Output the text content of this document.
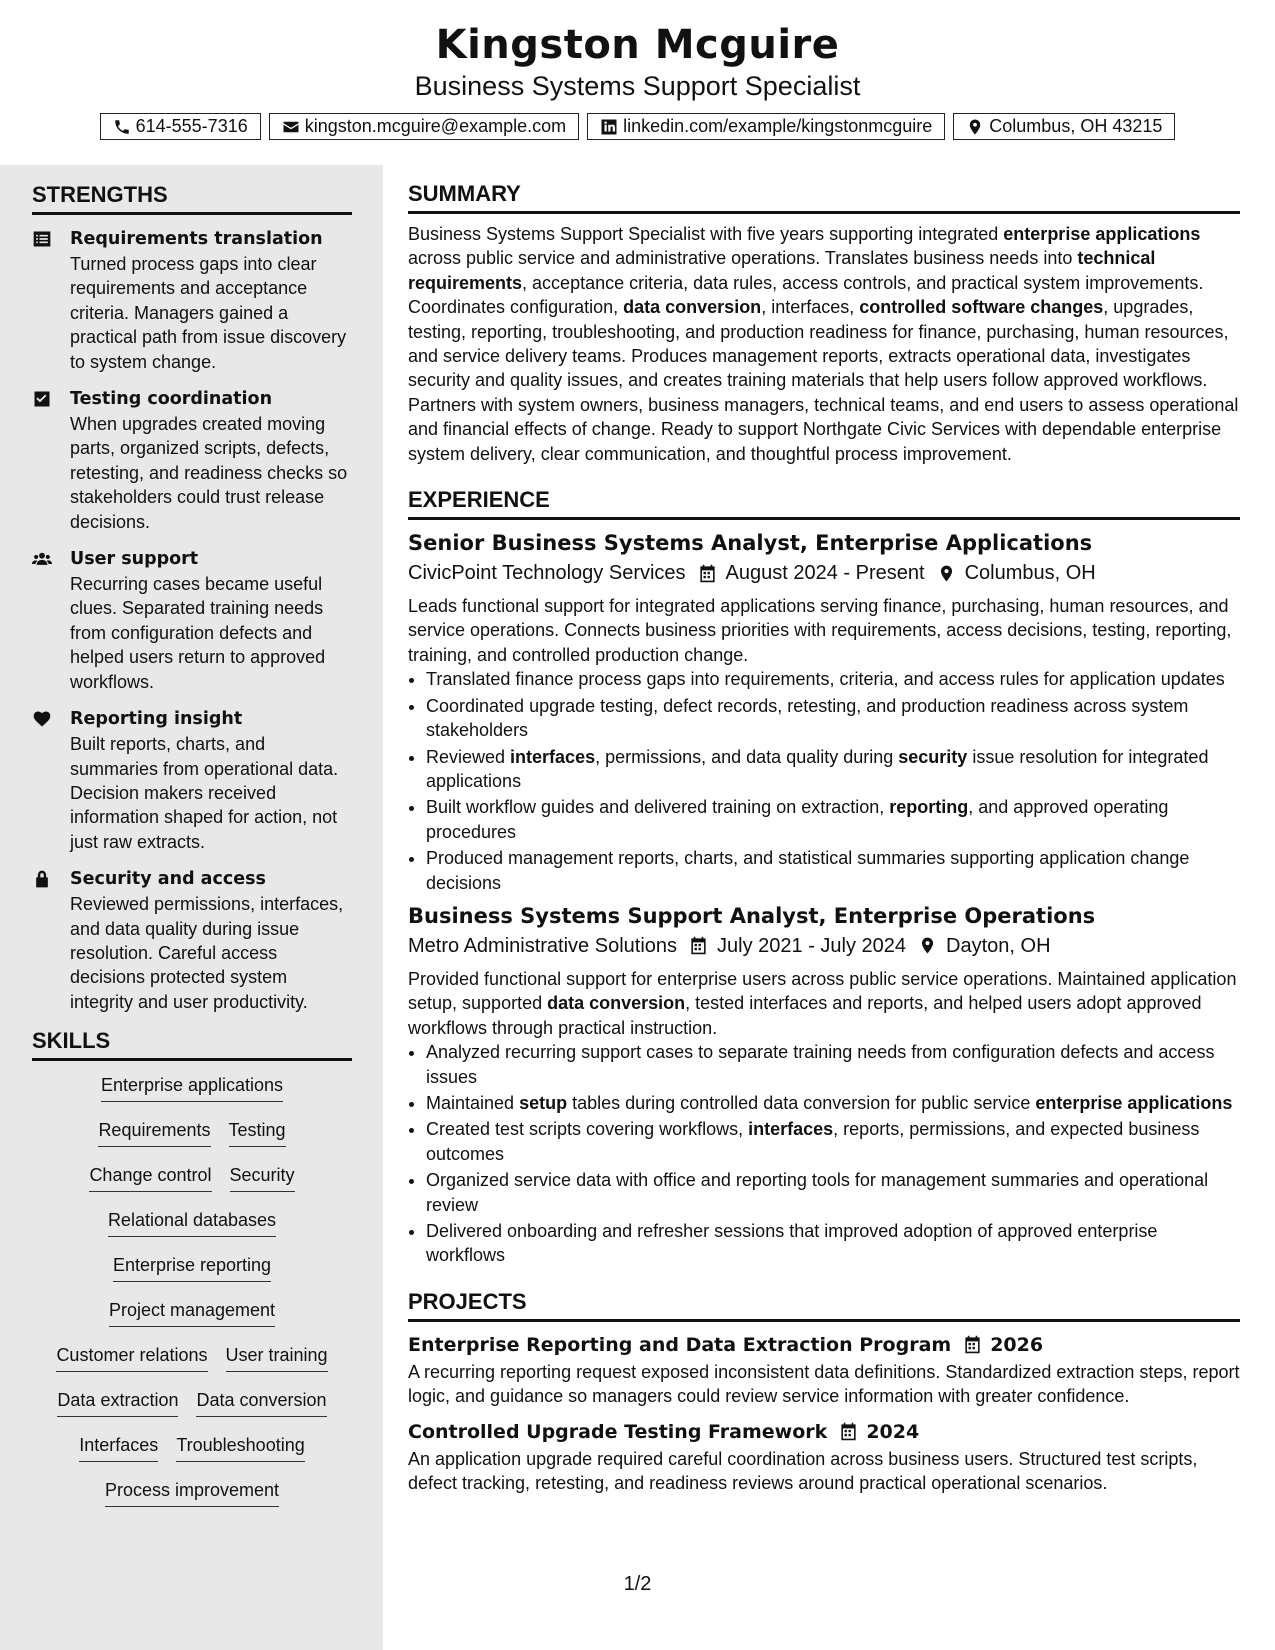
Kingston Mcguire
Business Systems Support Specialist
614-555-7316	kingston.mcguire@example.com	linkedin.com/example/kingstonmcguire	Columbus, OH 43215
STRENGTHS
Requirements translation
Turned process gaps into clear requirements and acceptance criteria. Managers gained a practical path from issue discovery to system change.
Testing coordination
When upgrades created moving parts, organized scripts, defects, retesting, and readiness checks so stakeholders could trust release decisions.
User support
Recurring cases became useful clues. Separated training needs from configuration defects and helped users return to approved workflows.
Reporting insight
Built reports, charts, and summaries from operational data. Decision makers received information shaped for action, not just raw extracts.
Security and access
Reviewed permissions, interfaces, and data quality during issue resolution. Careful access decisions protected system integrity and user productivity.
SKILLS
Enterprise applications
Requirements Testing
Change control Security
Relational databases
Enterprise reporting
Project management
Customer relations User training
Data extraction Data conversion
Interfaces Troubleshooting
Process improvement
SUMMARY
Business Systems Support Specialist with five years supporting integrated enterprise applications across public service and administrative operations. Translates business needs into technical requirements, acceptance criteria, data rules, access controls, and practical system improvements. Coordinates configuration, data conversion, interfaces, controlled software changes, upgrades, testing, reporting, troubleshooting, and production readiness for finance, purchasing, human resources, and service delivery teams. Produces management reports, extracts operational data, investigates security and quality issues, and creates training materials that help users follow approved workflows. Partners with system owners, business managers, technical teams, and end users to assess operational and financial effects of change. Ready to support Northgate Civic Services with dependable enterprise system delivery, clear communication, and thoughtful process improvement.
EXPERIENCE
Senior Business Systems Analyst, Enterprise Applications
CivicPoint Technology Services August 2024 - Present Columbus, OH
Leads functional support for integrated applications serving finance, purchasing, human resources, and service operations. Connects business priorities with requirements, access decisions, testing, reporting, training, and controlled production change.
• Translated finance process gaps into requirements, criteria, and access rules for application updates
• Coordinated upgrade testing, defect records, retesting, and production readiness across system stakeholders
• Reviewed interfaces, permissions, and data quality during security issue resolution for integrated applications
• Built workflow guides and delivered training on extraction, reporting, and approved operating procedures
• Produced management reports, charts, and statistical summaries supporting application change decisions
Business Systems Support Analyst, Enterprise Operations
Metro Administrative Solutions July 2021 - July 2024 Dayton, OH
Provided functional support for enterprise users across public service operations. Maintained application setup, supported data conversion, tested interfaces and reports, and helped users adopt approved workflows through practical instruction.
• Analyzed recurring support cases to separate training needs from configuration defects and access issues
• Maintained setup tables during controlled data conversion for public service enterprise applications
• Created test scripts covering workflows, interfaces, reports, permissions, and expected business outcomes
• Organized service data with office and reporting tools for management summaries and operational review
• Delivered onboarding and refresher sessions that improved adoption of approved enterprise workflows
PROJECTS
Enterprise Reporting and Data Extraction Program 2026
A recurring reporting request exposed inconsistent data definitions. Standardized extraction steps, report logic, and guidance so managers could review service information with greater confidence.
Controlled Upgrade Testing Framework 2024
An application upgrade required careful coordination across business users. Structured test scripts, defect tracking, retesting, and readiness reviews around practical operational scenarios.
1/2
